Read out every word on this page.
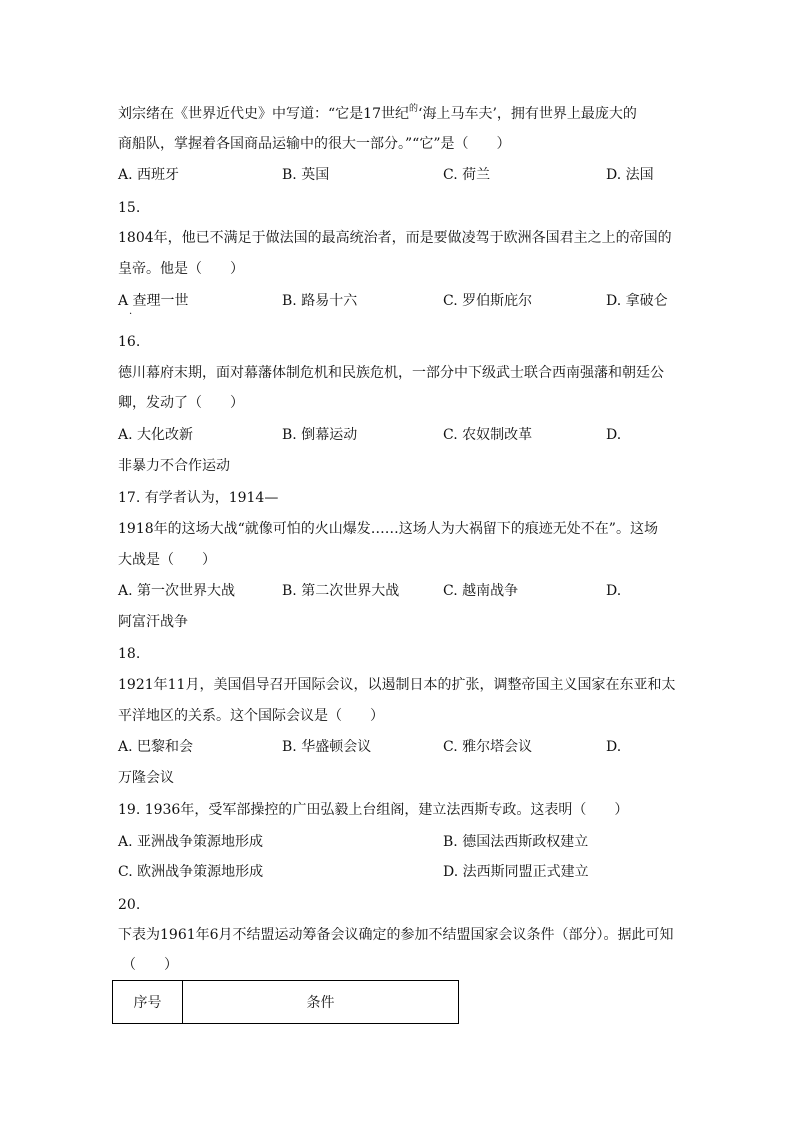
刘宗绪在《世界近代史》中写道：“它是17世纪$^的$‘海上马车夫’，拥有世界上最庞大的
商船队，掌握着各国商品运输中的很大一部分。”“它”是（　　）
A. 西班牙	B. 英国	C. 荷兰	D. 法国
15.
1804年，他已不满足于做法国的最高统治者，而是要做凌驾于欧洲各国君主之上的帝国的
皇帝。他是（　　）
A 查理一世
.
B. 路易十六	C. 罗伯斯庇尔	D. 拿破仑
16.
德川幕府末期，面对幕藩体制危机和民族危机，一部分中下级武士联合西南强藩和朝廷公
卿，发动了（　　）
A. 大化改新	B. 倒幕运动	C. 农奴制改革	D.
非暴力不合作运动
17. 有学者认为，1914—
1918年的这场大战“就像可怕的火山爆发……这场人为大祸留下的痕迹无处不在”。这场
大战是（　　）
A. 第一次世界大战	B. 第二次世界大战	C. 越南战争	D.
阿富汗战争
18.
1921年11月，美国倡导召开国际会议，以遏制日本的扩张，调整帝国主义国家在东亚和太
平洋地区的关系。这个国际会议是（　　）
A. 巴黎和会	B. 华盛顿会议	C. 雅尔塔会议	D.
万隆会议
19. 1936年，受军部操控的广田弘毅上台组阁，建立法西斯专政。这表明（　　）
A. 亚洲战争策源地形成	B. 德国法西斯政权建立
C. 欧洲战争策源地形成	D. 法西斯同盟正式建立
20.
下表为1961年6月不结盟运动筹备会议确定的参加不结盟国家会议条件（部分）。据此可知
（　　）
序号	条件
